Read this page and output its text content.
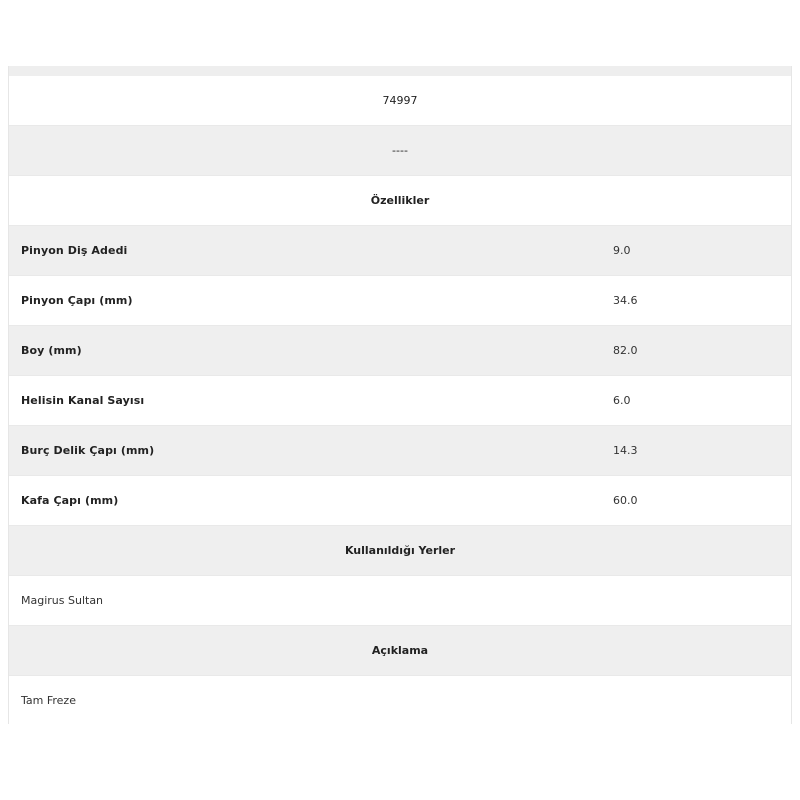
74997
----
Özellikler
Pinyon Diş Adedi	9.0
Pinyon Çapı (mm)	34.6
Boy (mm)	82.0
Helisin Kanal Sayısı	6.0
Burç Delik Çapı (mm)	14.3
Kafa Çapı (mm)	60.0
Kullanıldığı Yerler
Magirus Sultan
Açıklama
Tam Freze
